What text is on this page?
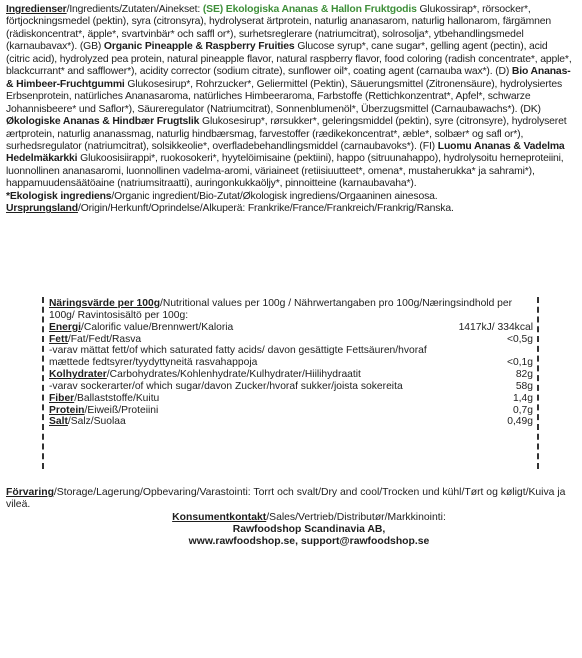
Ingredienser/Ingredients/Zutaten/Ainekset: (SE) Ekologiska Ananas & Hallon Fruktgodis Glukossirap*, rörsocker*, förtjockningsmedel (pektin), syra (citronsyra), hydrolyserat ärtprotein, naturlig ananasarom, naturlig hallonarom, färgämnen (rädiskoncentrat*, äpple*, svartvinbär* och saffl or*), surhetsreglerare (natriumcitrat), solrosolja*, ytbehandlingsmedel (karnaubavax*). (GB) Organic Pineapple & Raspberry Fruities Glucose syrup*, cane sugar*, gelling agent (pectin), acid (citric acid), hydrolyzed pea protein, natural pineapple flavor, natural raspberry flavor, food coloring (radish concentrate*, apple*, blackcurrant* and safflower*), acidity corrector (sodium citrate), sunflower oil*, coating agent (carnauba wax*). (D) Bio Ananas- & Himbeer-Fruchtgummi Glukosesirup*, Rohrzucker*, Geliermittel (Pektin), Säuerungsmittel (Zitronensäure), hydrolysiertes Erbsenprotein, natürliches Ananasaroma, natürliches Himbeeraroma, Farbstoffe (Rettichkonzentrat*, Apfel*, schwarze Johannisbeere* und Saflor*), Säureregulator (Natriumcitrat), Sonnenblumenöl*, Überzugsmittel (Carnaubawachs*). (DK) Økologiske Ananas & Hindbær Frugtslik Glukosesirup*, rørsukker*, geleringsmiddel (pektin), syre (citronsyre), hydrolyseret ærtprotein, naturlig ananassmag, naturlig hindbærsmag, farvestoffer (rædikekoncentrat*, æble*, solbær* og safl or*), surhedsregulator (natriumcitrat), solsikkeolie*, overfladebehandlingsmiddel (carnaubavoks*). (FI) Luomu Ananas & Vadelma Hedelmäkarkki Glukoosisiirappi*, ruokosokeri*, hyytelöimisaine (pektiini), happo (sitruunahappo), hydrolysoitu herneproteiini, luonnollinen ananasaromi, luonnollinen vadelma-aromi, väriaineet (retiisiuutteet*, omena*, mustaherukka* ja sahrami*), happamuudensäätöaine (natriumsitraatti), auringonkukkaöljy*, pinnoitteine (karnaubavaha*).

*Ekologisk ingrediens/Organic ingredient/Bio-Zutat/Økologisk ingrediens/Orgaaninen ainesosa.

Ursprungsland/Origin/Herkunft/Oprindelse/Alkuperä: Frankrike/France/Frankreich/Frankrig/Ranska.

Näringsvärde per 100g/Nutritional values per 100g / Nährwertangaben pro 100g/Næringsindhold per 100g/ Ravintosisältö per 100g:
Energi/Calorific value/Brennwert/Kaloria	1417kJ/ 334kcal
Fett/Fat/Fedt/Rasva	<0,5g
-varav mättat fett/of which saturated fatty acids/ davon gesättigte Fettsäuren/hvoraf mættede fedtsyrer/tyydyttyneitä rasvahappoja	<0,1g
Kolhydrater/Carbohydrates/Kohlenhydrate/Kulhydrater/Hiilihydraatit	82g
-varav sockerarter/of which sugar/davon Zucker/hvoraf sukker/joista sokereita	58g
Fiber/Ballaststoffe/Kuitu	1,4g
Protein/Eiweiß/Proteiini	0,7g
Salt/Salz/Suolaa	0,49g
Förvaring/Storage/Lagerung/Opbevaring/Varastointi: Torrt och svalt/Dry and cool/Trocken und kühl/Tørt og køligt/Kuiva ja vileä.
Konsumentkontakt/Sales/Vertrieb/Distributør/Markkinointi:
Rawfoodshop Scandinavia AB,
www.rawfoodshop.se, support@rawfoodshop.se
